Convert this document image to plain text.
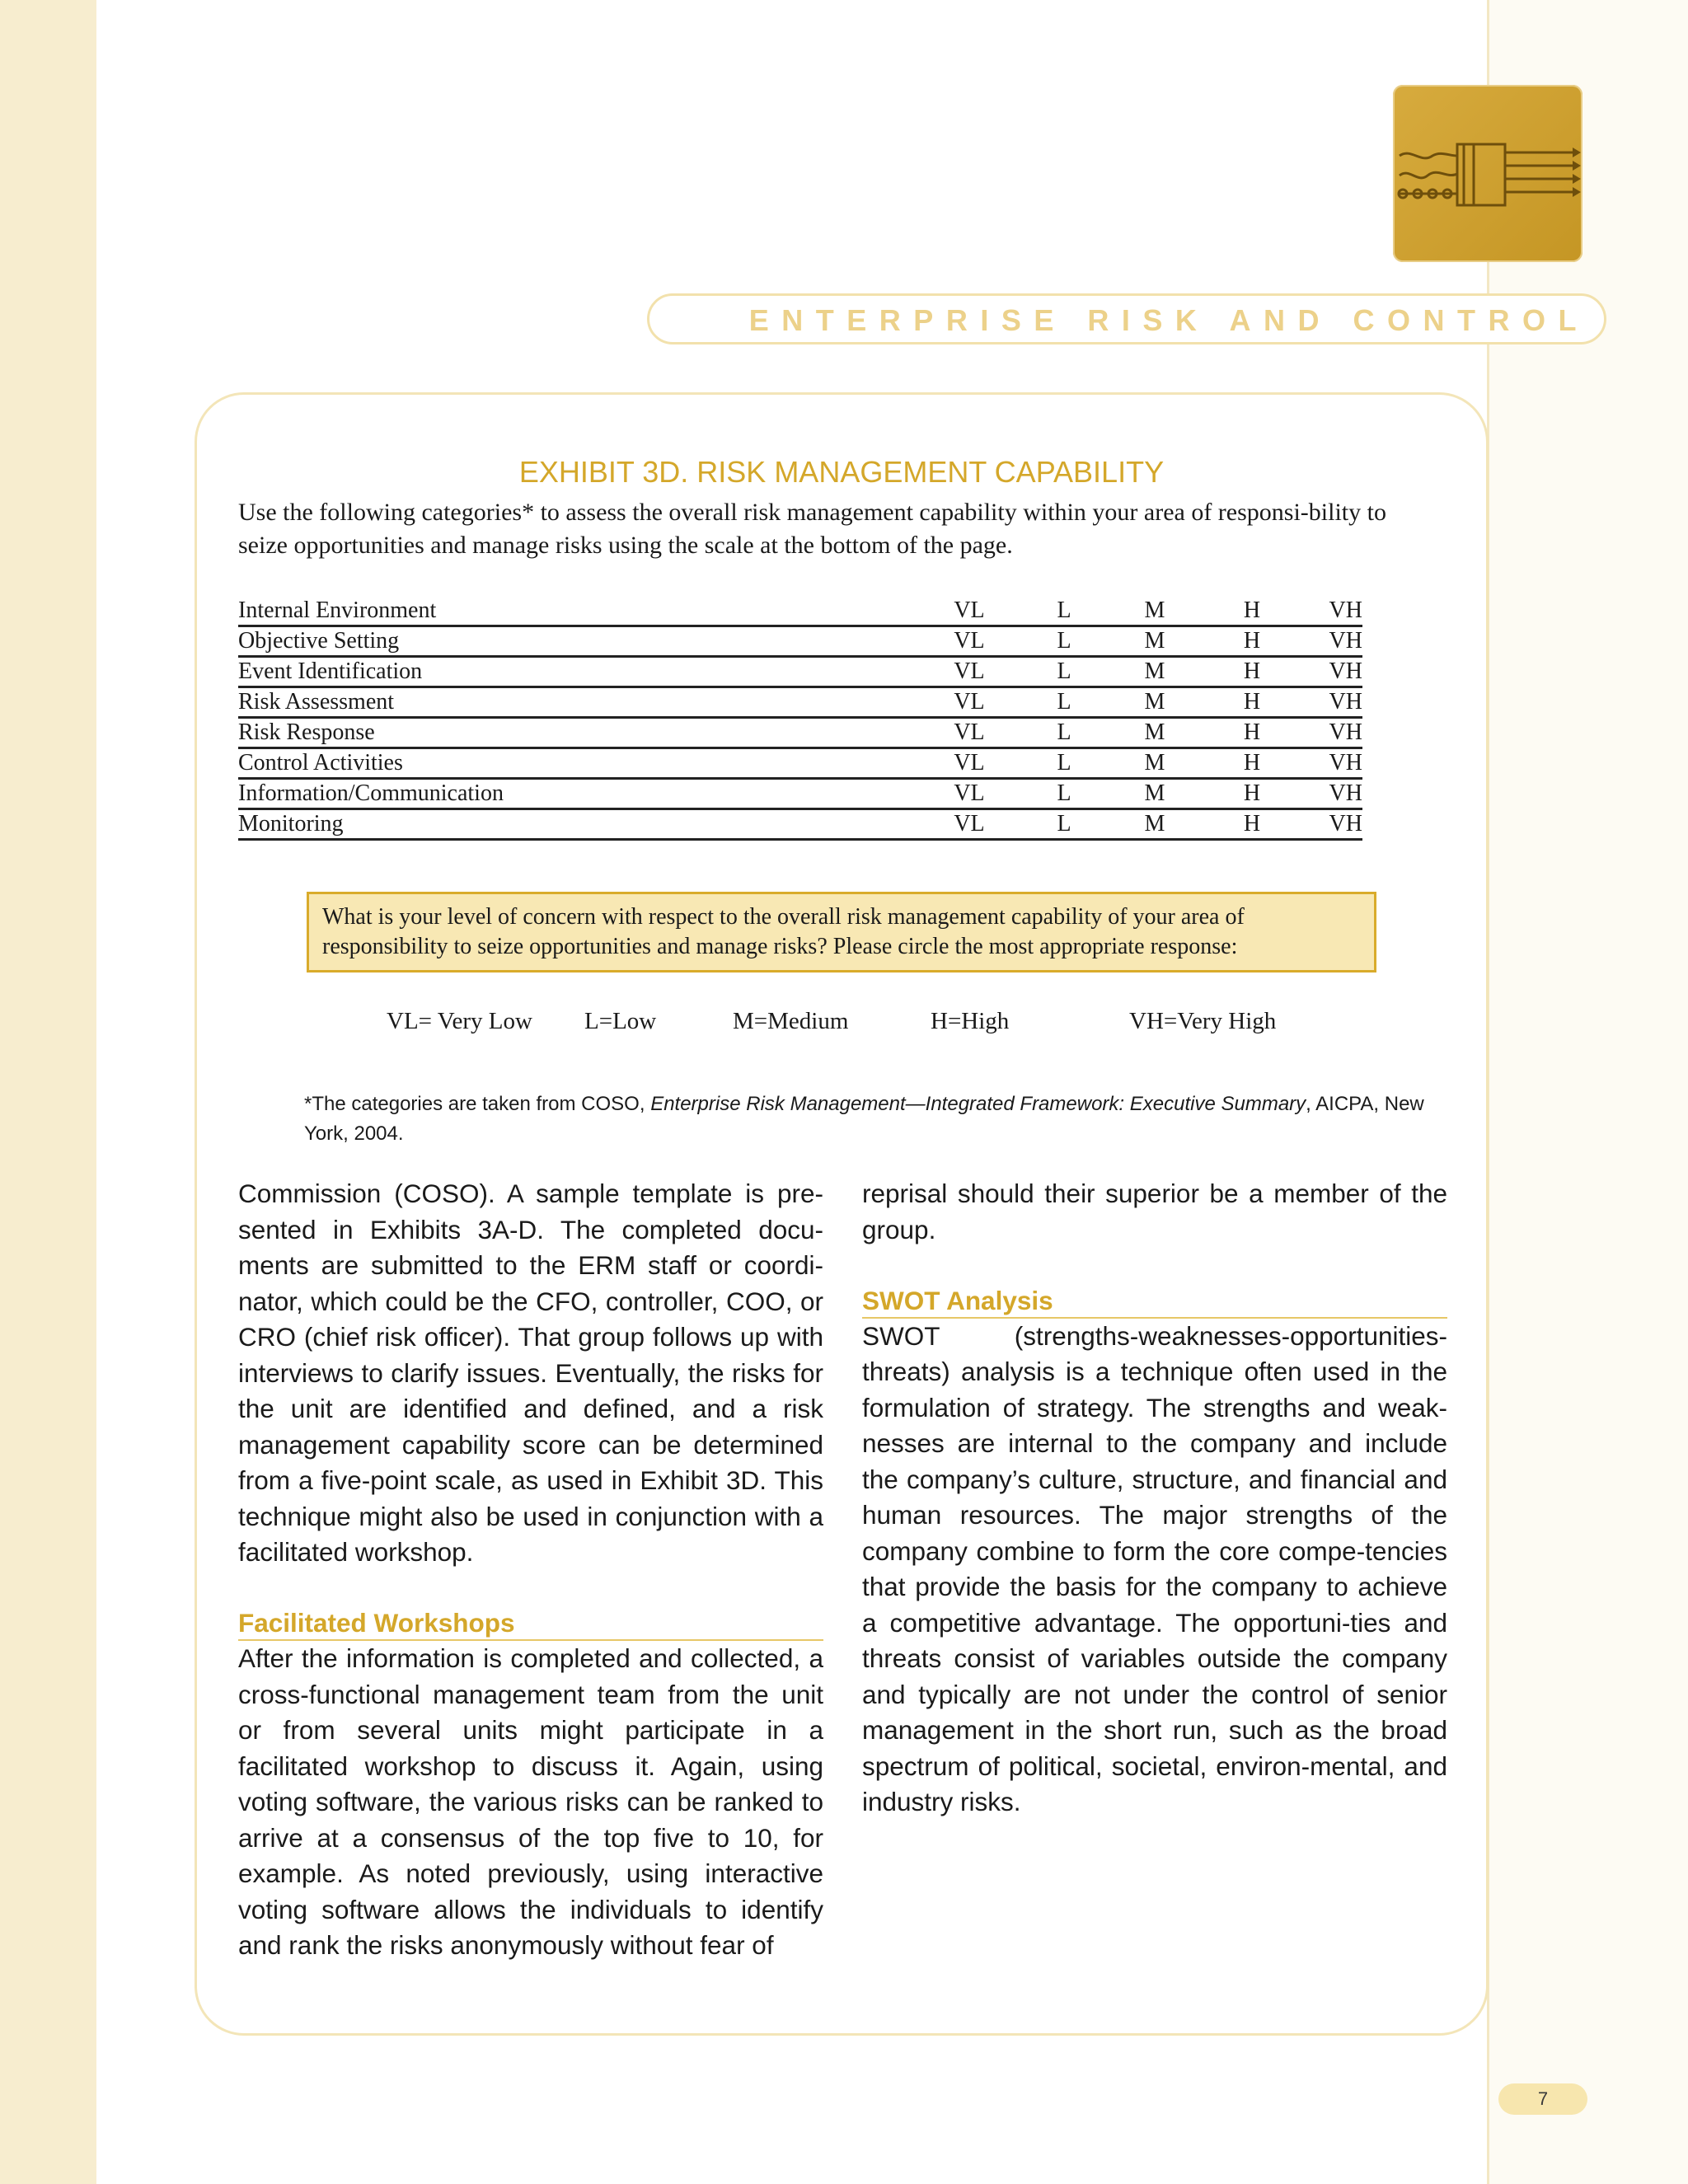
ENTERPRISE RISK AND CONTROL
EXHIBIT 3D. RISK MANAGEMENT CAPABILITY
Use the following categories* to assess the overall risk management capability within your area of responsi-bility to seize opportunities and manage risks using the scale at the bottom of the page.
Internal Environment	VL	L	M	H	VH
Objective Setting	VL	L	M	H	VH
Event Identification	VL	L	M	H	VH
Risk Assessment	VL	L	M	H	VH
Risk Response	VL	L	M	H	VH
Control Activities	VL	L	M	H	VH
Information/Communication	VL	L	M	H	VH
Monitoring	VL	L	M	H	VH
What is your level of concern with respect to the overall risk management capability of your area of responsibility to seize opportunities and manage risks? Please circle the most appropriate response:
VL= Very Low L=Low	M=Medium	H=High	VH=Very High
*The categories are taken from COSO, Enterprise Risk Management—Integrated Framework: Executive Summary, AICPA, New York, 2004.

Commission (COSO). A sample template is pre-sented in Exhibits 3A-D. The completed docu-ments are submitted to the ERM staff or coordi-nator, which could be the CFO, controller, COO, or CRO (chief risk officer). That group follows up with interviews to clarify issues. Eventually, the risks for the unit are identified and defined, and a risk management capability score can be determined from a five-point scale, as used in Exhibit 3D. This technique might also be used in conjunction with a facilitated workshop.

Facilitated Workshops

After the information is completed and collected, a cross-functional management team from the unit or from several units might participate in a facilitated workshop to discuss it. Again, using voting software, the various risks can be ranked to arrive at a consensus of the top five to 10, for example. As noted previously, using interactive voting software allows the individuals to identify and rank the risks anonymously without fear of

reprisal should their superior be a member of the group.

SWOT Analysis

SWOT (strengths-weaknesses-opportunities-threats) analysis is a technique often used in the formulation of strategy. The strengths and weak-nesses are internal to the company and include the company’s culture, structure, and financial and human resources. The major strengths of the company combine to form the core compe-tencies that provide the basis for the company to achieve a competitive advantage. The opportuni-ties and threats consist of variables outside the company and typically are not under the control of senior management in the short run, such as the broad spectrum of political, societal, environ-mental, and industry risks.

7
